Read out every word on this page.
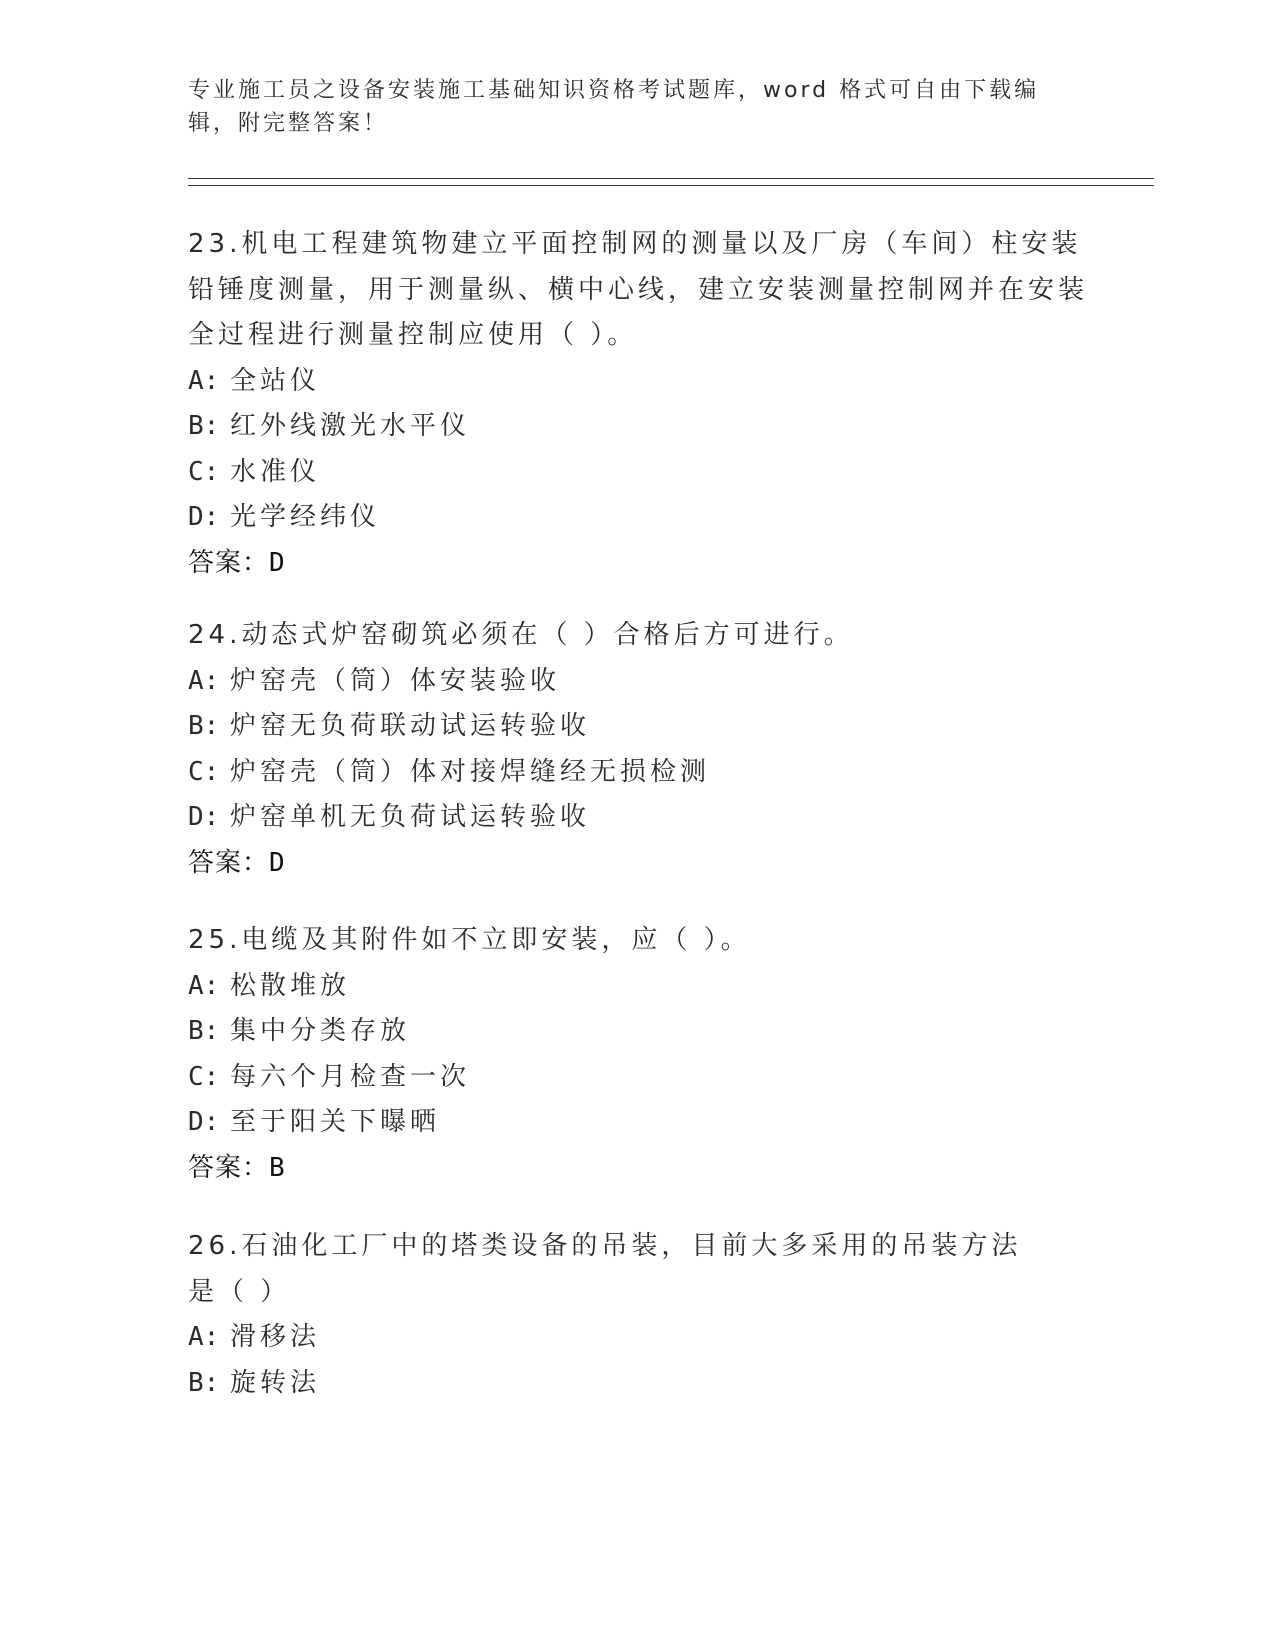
专业施工员之设备安装施工基础知识资格考试题库，word 格式可自由下载编辑，附完整答案！

23.机电工程建筑物建立平面控制网的测量以及厂房（车间）柱安装铅锤度测量，用于测量纵、横中心线，建立安装测量控制网并在安装全过程进行测量控制应使用（ ）。

A: 全站仪

B: 红外线激光水平仪

C: 水准仪

D: 光学经纬仪

答案：D

24.动态式炉窑砌筑必须在（ ）合格后方可进行。

A: 炉窑壳（筒）体安装验收

B: 炉窑无负荷联动试运转验收

C: 炉窑壳（筒）体对接焊缝经无损检测

D: 炉窑单机无负荷试运转验收

答案：D

25.电缆及其附件如不立即安装，应（ ）。

A: 松散堆放

B: 集中分类存放

C: 每六个月检查一次

D: 至于阳关下曝晒

答案：B

26.石油化工厂中的塔类设备的吊装，目前大多采用的吊装方法是（ ）

A: 滑移法

B: 旋转法
